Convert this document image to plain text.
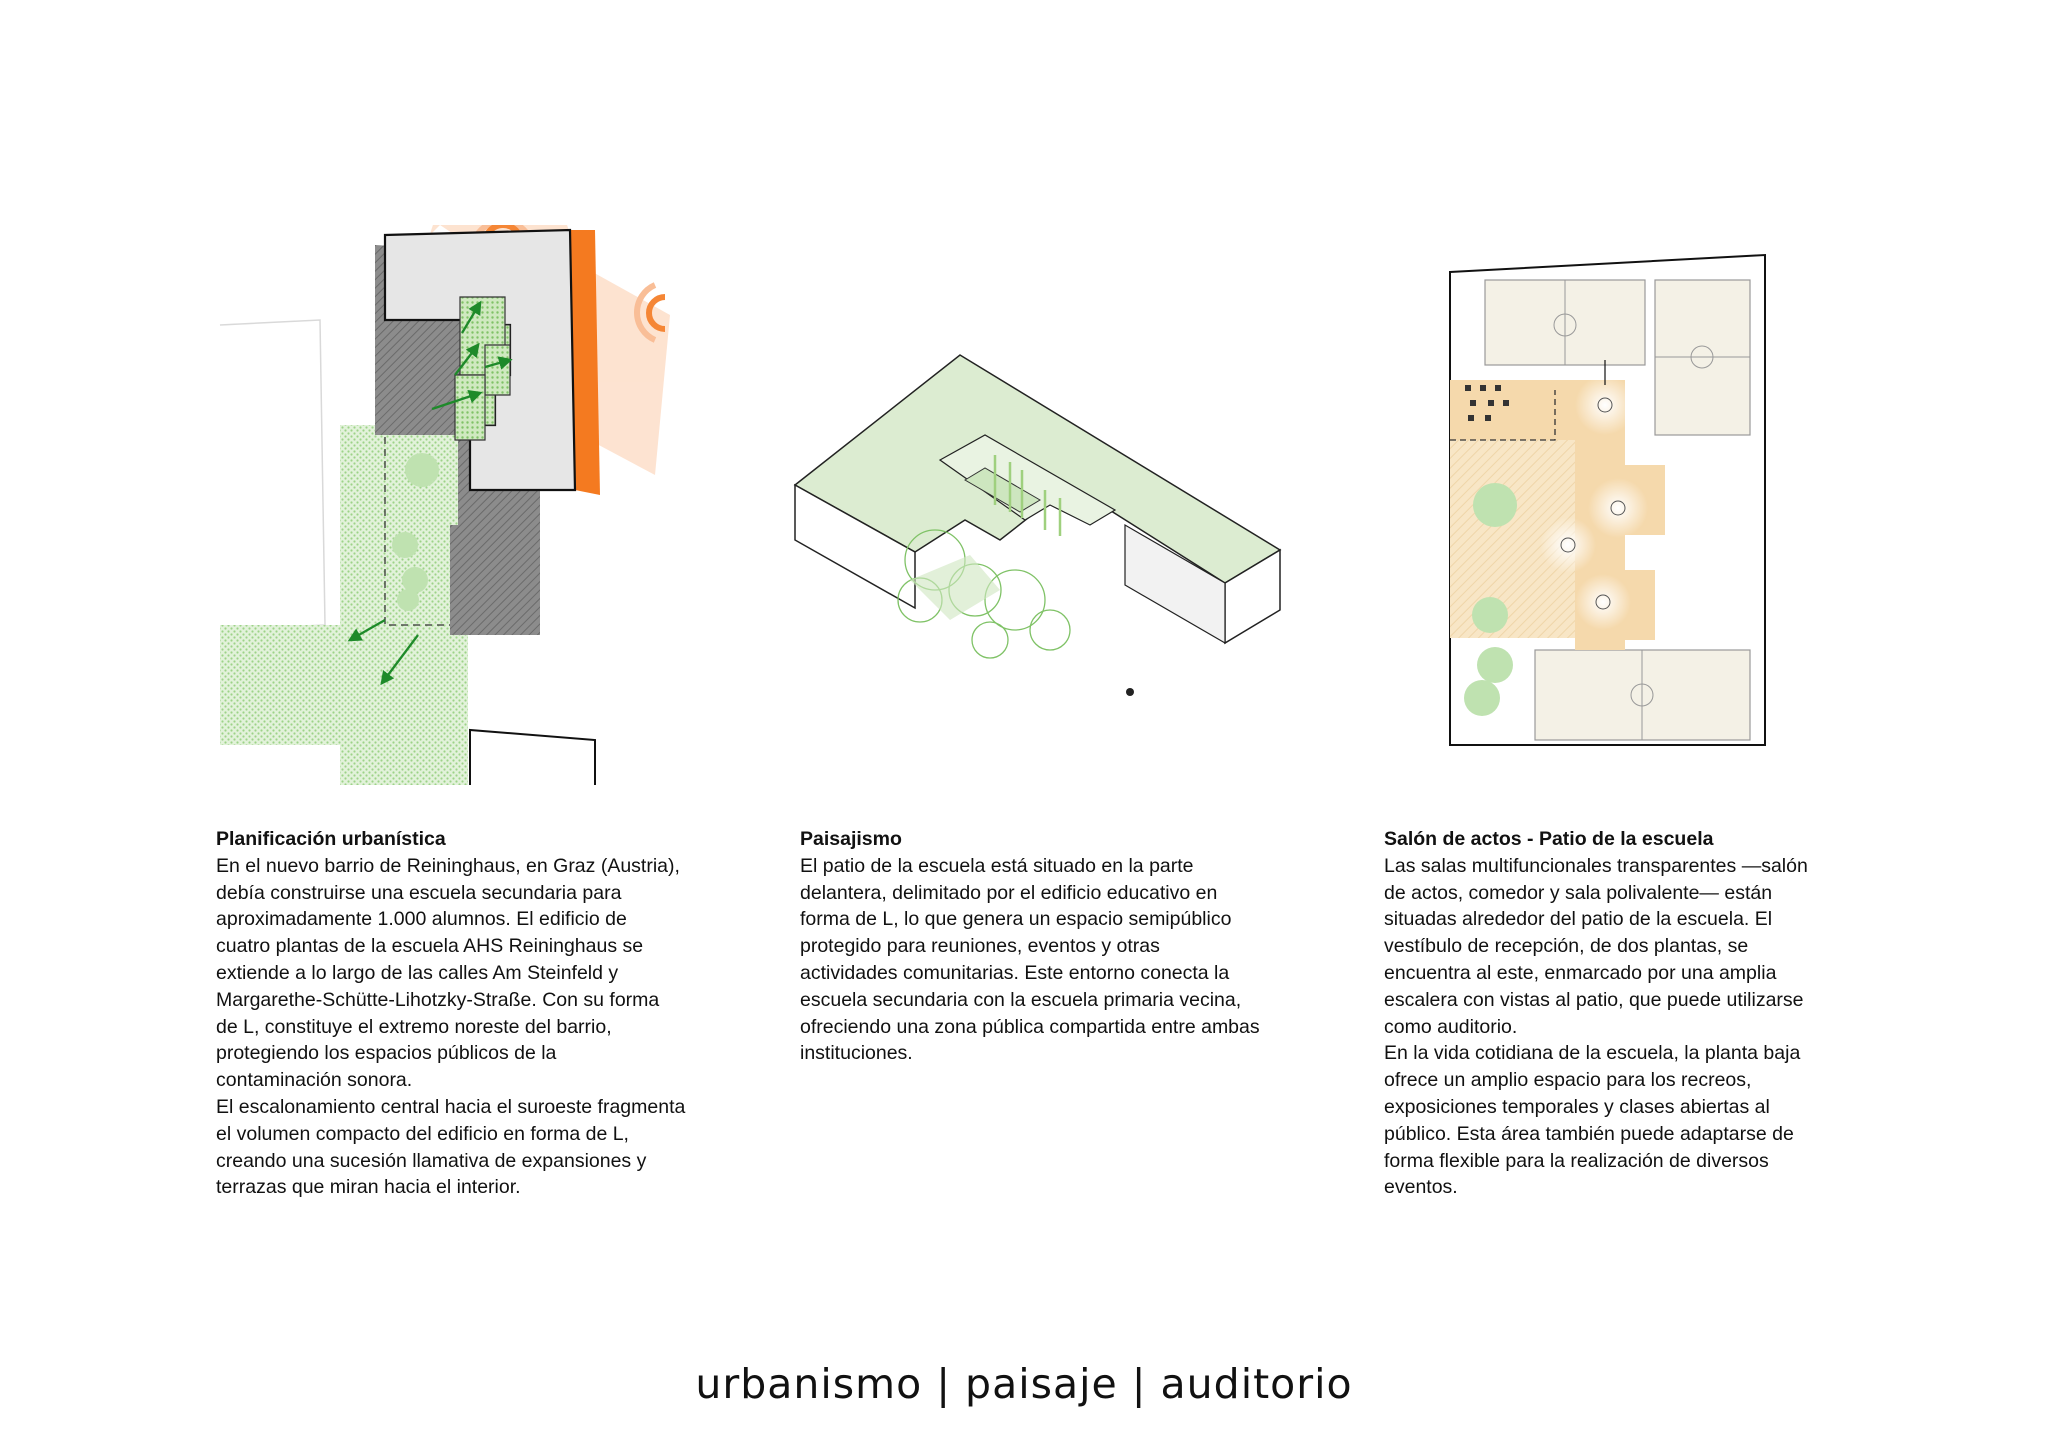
Planificación urbanística

En el nuevo barrio de Reininghaus, en Graz (Austria), debía construirse una escuela secundaria para aproximadamente 1.000 alumnos. El edificio de cuatro plantas de la escuela AHS Reininghaus se extiende a lo largo de las calles Am Steinfeld y Margarethe-Schütte-Lihotzky-Straße. Con su forma de L, constituye el extremo noreste del barrio, protegiendo los espacios públicos de la contaminación sonora.

El escalonamiento central hacia el suroeste fragmenta el volumen compacto del edificio en forma de L, creando una sucesión llamativa de expansiones y terrazas que miran hacia el interior.

Paisajismo

El patio de la escuela está situado en la parte delantera, delimitado por el edificio educativo en forma de L, lo que genera un espacio semipúblico protegido para reuniones, eventos y otras actividades comunitarias. Este entorno conecta la escuela secundaria con la escuela primaria vecina, ofreciendo una zona pública compartida entre ambas instituciones.

Salón de actos - Patio de la escuela

Las salas multifuncionales transparentes —salón de actos, comedor y sala polivalente— están situadas alrededor del patio de la escuela. El vestíbulo de recepción, de dos plantas, se encuentra al este, enmarcado por una amplia escalera con vistas al patio, que puede utilizarse como auditorio.

En la vida cotidiana de la escuela, la planta baja ofrece un amplio espacio para los recreos, exposiciones temporales y clases abiertas al público. Esta área también puede adaptarse de forma flexible para la realización de diversos eventos.

urbanismo | paisaje | auditorio
